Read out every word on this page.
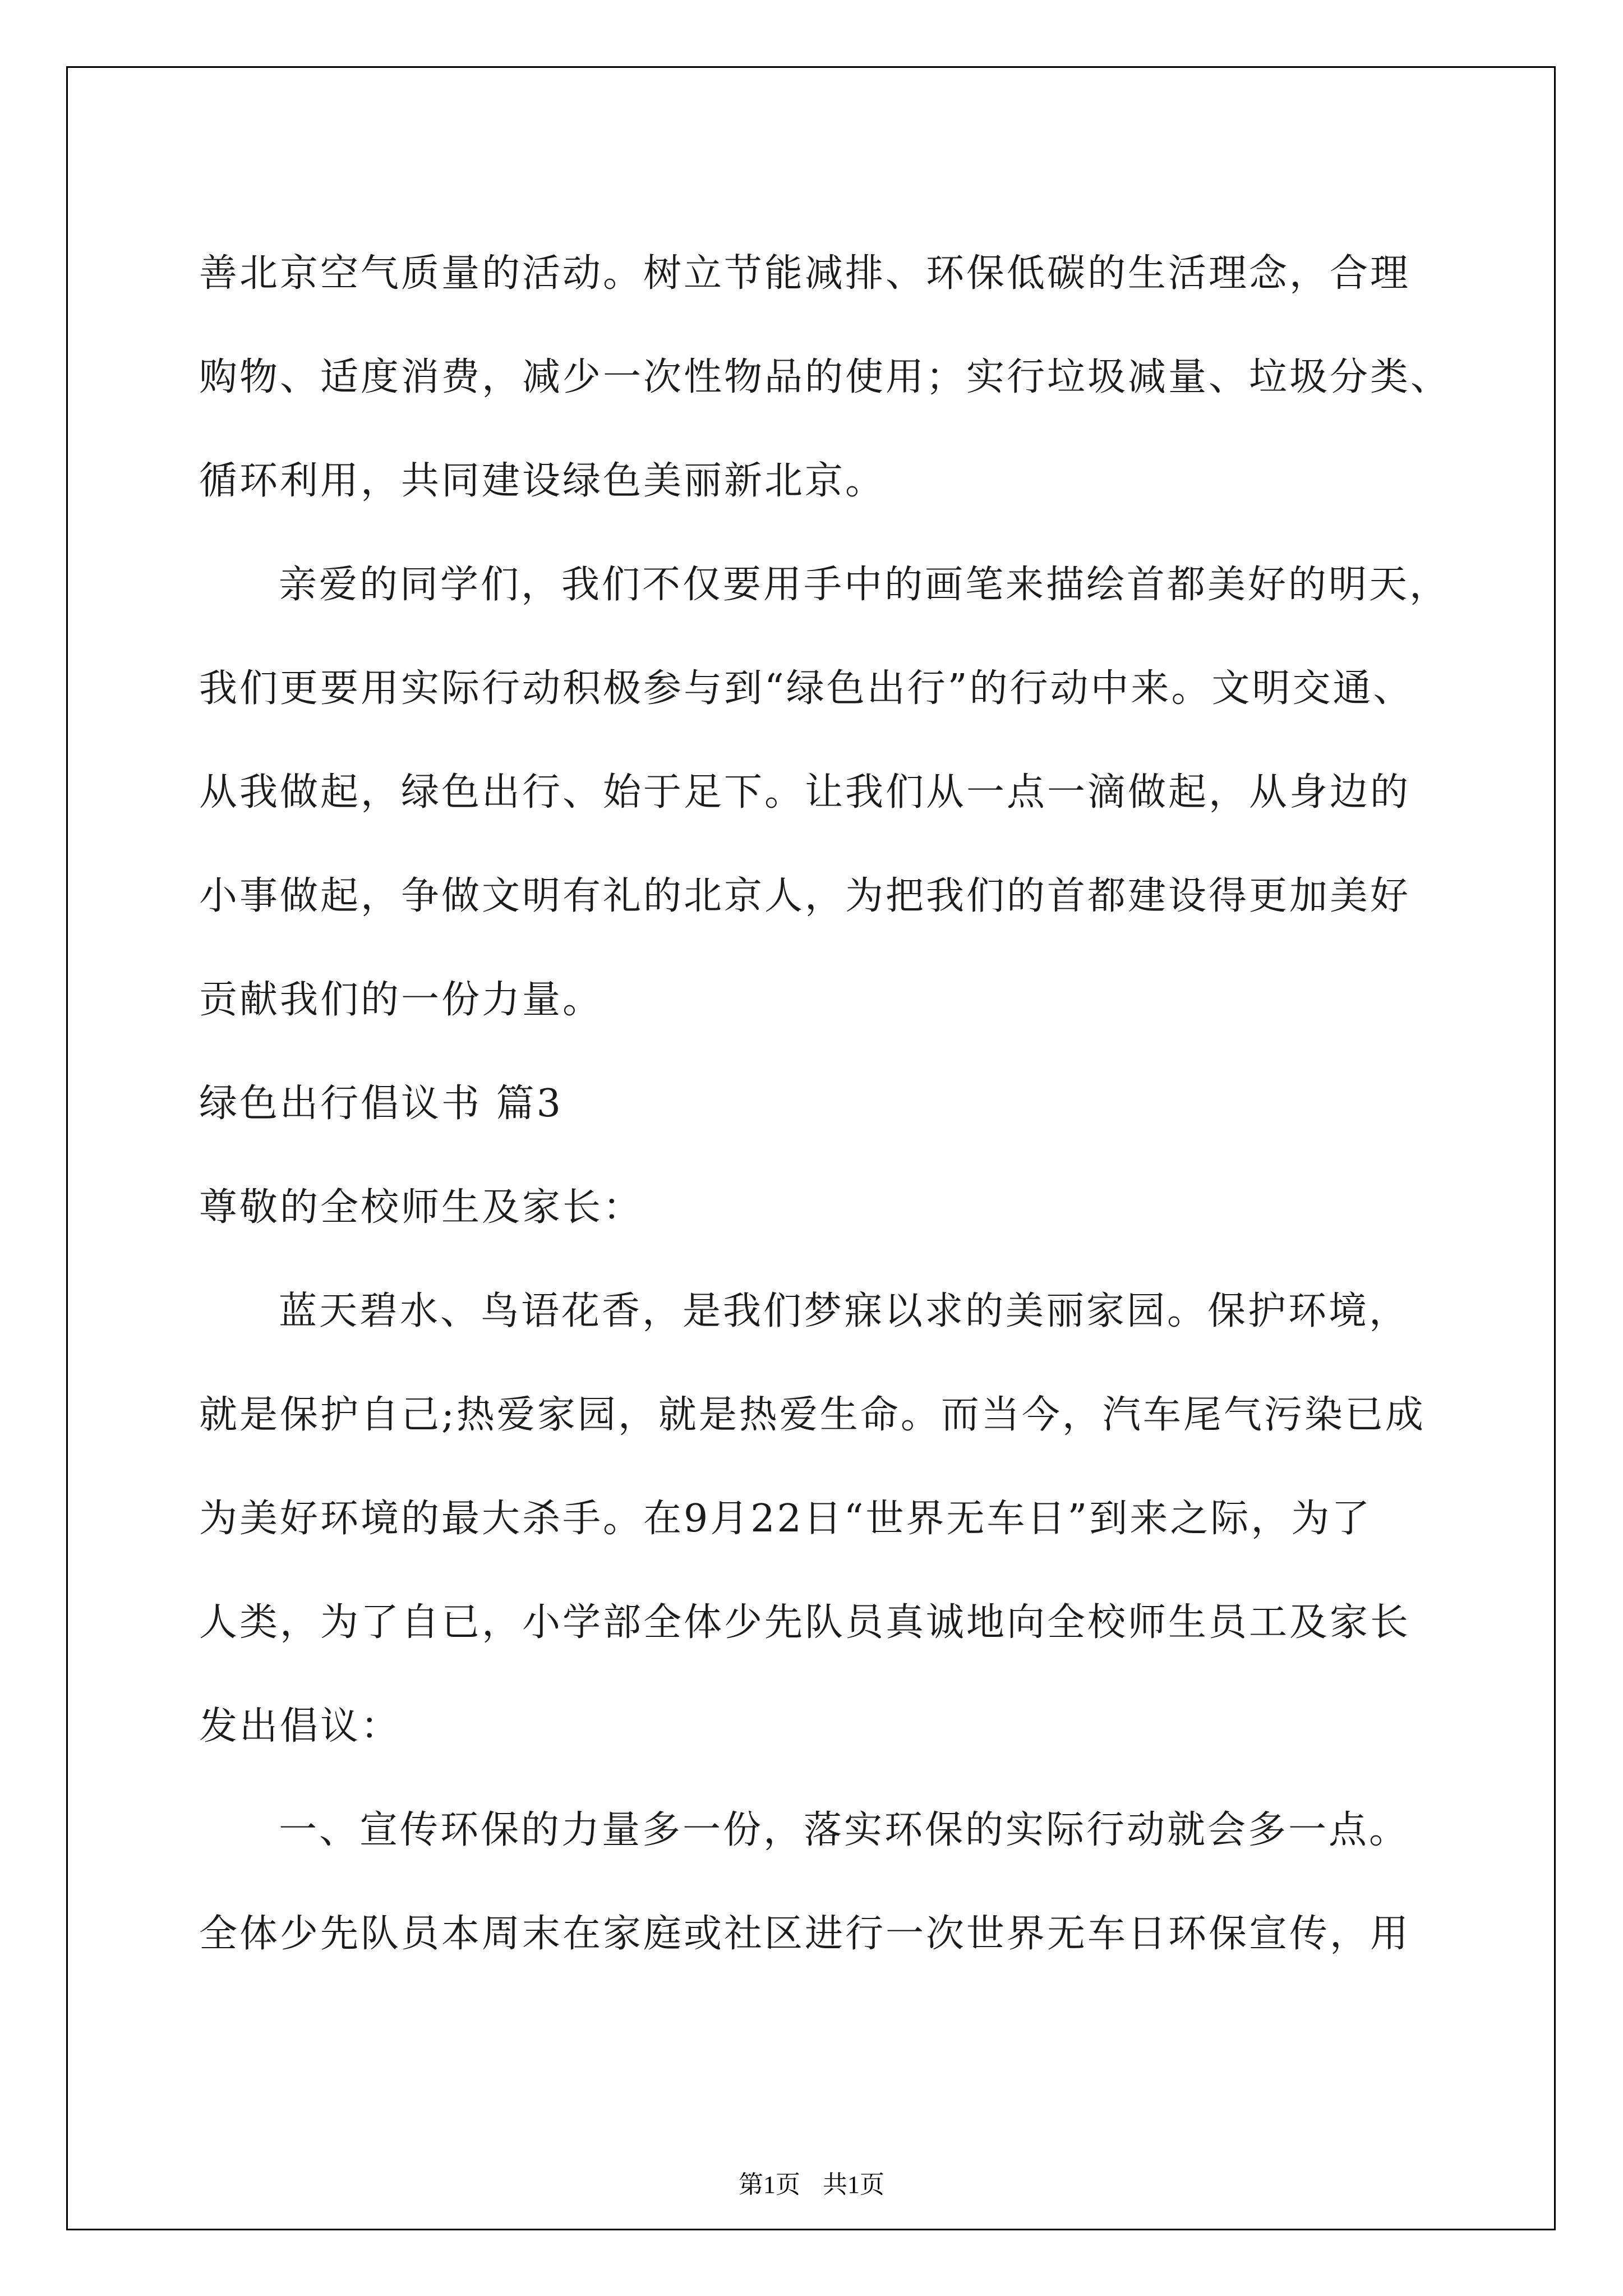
善北京空气质量的活动。树立节能减排、环保低碳的生活理念，合理
购物、适度消费，减少一次性物品的使用；实行垃圾减量、垃圾分类、
循环利用，共同建设绿色美丽新北京。
亲爱的同学们，我们不仅要用手中的画笔来描绘首都美好的明天，
我们更要用实际行动积极参与到“绿色出行”的行动中来。文明交通、
从我做起，绿色出行、始于足下。让我们从一点一滴做起，从身边的
小事做起，争做文明有礼的北京人，为把我们的首都建设得更加美好
贡献我们的一份力量。
绿色出行倡议书 篇3
尊敬的全校师生及家长：
蓝天碧水、鸟语花香，是我们梦寐以求的美丽家园。保护环境，
就是保护自己;热爱家园，就是热爱生命。而当今，汽车尾气污染已成
为美好环境的最大杀手。在9月22日“世界无车日”到来之际，为了
人类，为了自已，小学部全体少先队员真诚地向全校师生员工及家长
发出倡议：
一、宣传环保的力量多一份，落实环保的实际行动就会多一点。
全体少先队员本周末在家庭或社区进行一次世界无车日环保宣传，用
第1页 共1页
